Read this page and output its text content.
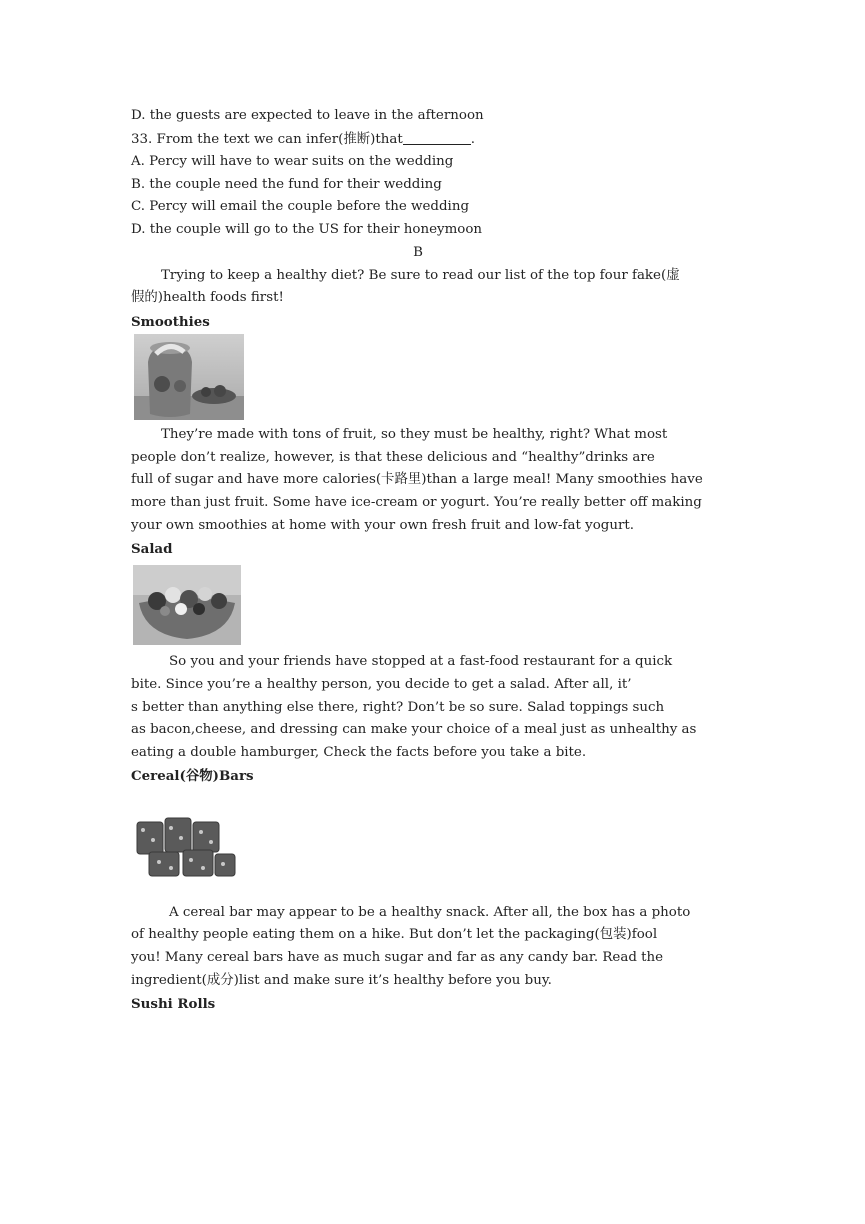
D. the guests are expected to leave in the afternoon
33. From the text we can infer(推断)that	.
A. Percy will have to wear suits on the wedding
B. the couple need the fund for their wedding
C. Percy will email the couple before the wedding
D. the couple will go to the US for their honeymoon
B
Trying to keep a healthy diet? Be sure to read our list of the top four fake(虚
假的)health foods first!
Smoothies
They’re made with tons of fruit, so they must be healthy, right? What most
people don’t realize, however, is that these delicious and “healthy”drinks are
full of sugar and have more calories(卡路里)than a large meal! Many smoothies have
more than just fruit. Some have ice-cream or yogurt. You’re really better off making
your own smoothies at home with your own fresh fruit and low-fat yogurt.
Salad
So you and your friends have stopped at a fast-food restaurant for a quick
bite. Since you’re a healthy person, you decide to get a salad. After all, it’
s better than anything else there, right? Don’t be so sure. Salad toppings such
as bacon,cheese, and dressing can make your choice of a meal just as unhealthy as
eating a double hamburger, Check the facts before you take a bite.
Cereal(谷物)Bars
A cereal bar may appear to be a healthy snack. After all, the box has a photo
of healthy people eating them on a hike. But don’t let the packaging(包装)fool
you! Many cereal bars have as much sugar and far as any candy bar. Read the
ingredient(成分)list and make sure it’s healthy before you buy.
Sushi Rolls
